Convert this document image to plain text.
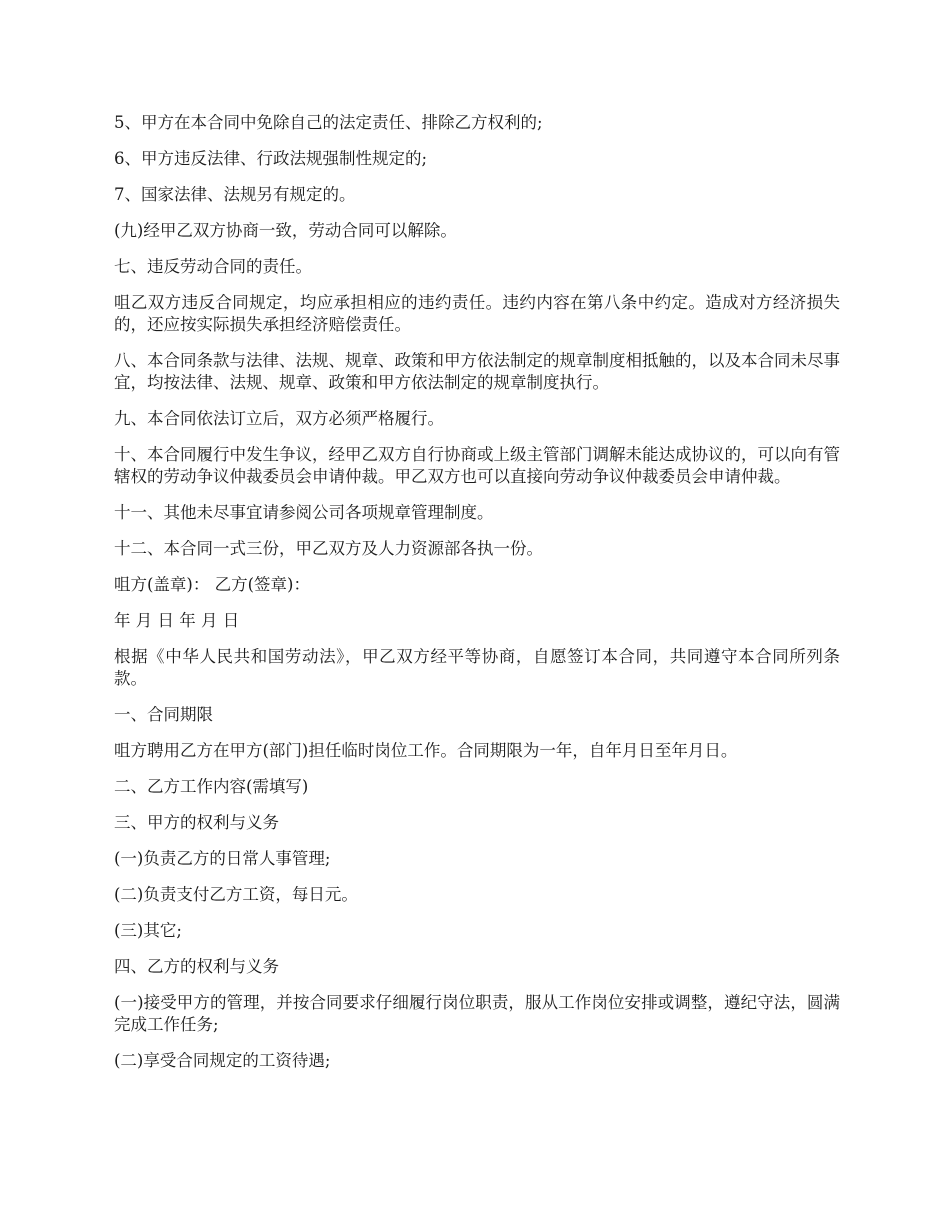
5、甲方在本合同中免除自己的法定责任、排除乙方权利的;

6、甲方违反法律、行政法规强制性规定的;

7、国家法律、法规另有规定的。

(九)经甲乙双方协商一致，劳动合同可以解除。

七、违反劳动合同的责任。

咀乙双方违反合同规定，均应承担相应的违约责任。违约内容在第八条中约定。造成对方经济损失的，还应按实际损失承担经济赔偿责任。

八、本合同条款与法律、法规、规章、政策和甲方依法制定的规章制度相抵触的，以及本合同未尽事宜，均按法律、法规、规章、政策和甲方依法制定的规章制度执行。

九、本合同依法订立后，双方必须严格履行。

十、本合同履行中发生争议，经甲乙双方自行协商或上级主管部门调解未能达成协议的，可以向有管辖权的劳动争议仲裁委员会申请仲裁。甲乙双方也可以直接向劳动争议仲裁委员会申请仲裁。

十一、其他未尽事宜请参阅公司各项规章管理制度。

十二、本合同一式三份，甲乙双方及人力资源部各执一份。

咀方(盖章)： 乙方(签章)：

年 月 日 年 月 日

根据《中华人民共和国劳动法》，甲乙双方经平等协商，自愿签订本合同，共同遵守本合同所列条款。

一、合同期限

咀方聘用乙方在甲方(部门)担任临时岗位工作。合同期限为一年，自年月日至年月日。

二、乙方工作内容(需填写)

三、甲方的权利与义务

(一)负责乙方的日常人事管理;

(二)负责支付乙方工资，每日元。

(三)其它;

四、乙方的权利与义务

(一)接受甲方的管理，并按合同要求仔细履行岗位职责，服从工作岗位安排或调整，遵纪守法，圆满完成工作任务;

(二)享受合同规定的工资待遇;
